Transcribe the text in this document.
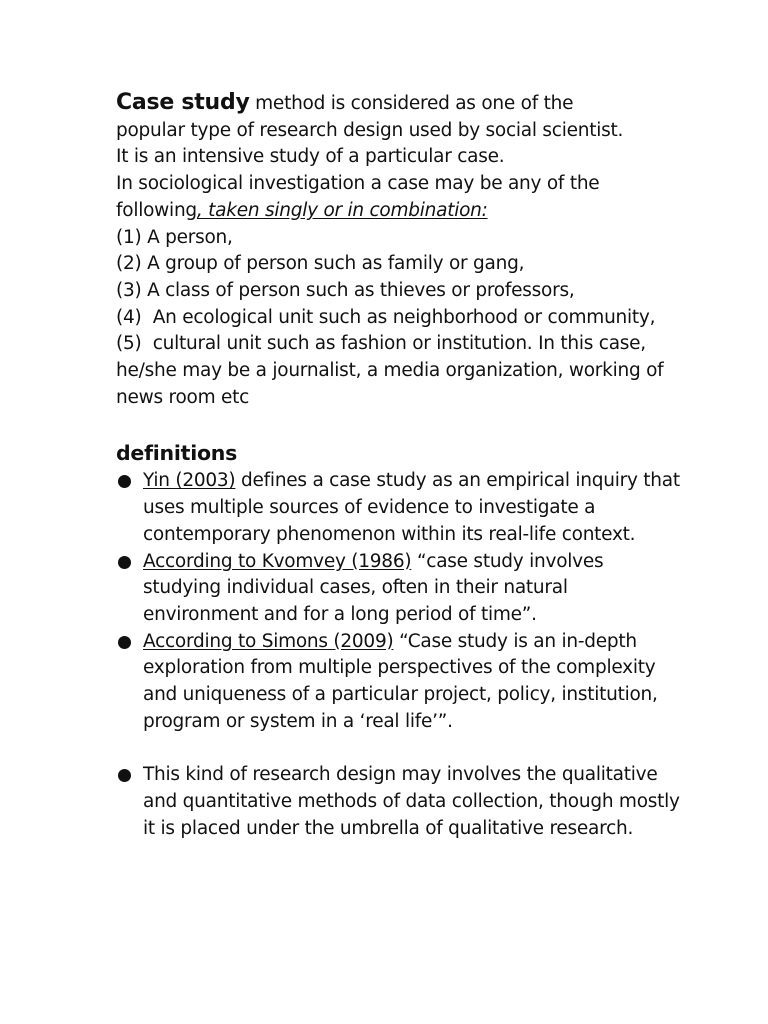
Case study method is considered as one of the

popular type of research design used by social scientist.

It is an intensive study of a particular case.

In sociological investigation a case may be any of the

following, taken singly or in combination:

(1) A person,

(2) A group of person such as family or gang,

(3) A class of person such as thieves or professors,

(4)  An ecological unit such as neighborhood or community,

(5)  cultural unit such as fashion or institution. In this case, he/she may be a journalist, a media organization, working of news room etc

definitions
Yin (2003) defines a case study as an empirical inquiry that uses multiple sources of evidence to investigate a contemporary phenomenon within its real-life context.
According to Kvomvey (1986) “case study involves studying individual cases, often in their natural environment and for a long period of time”.
According to Simons (2009) “Case study is an in-depth exploration from multiple perspectives of the complexity and uniqueness of a particular project, policy, institution, program or system in a ‘real life’”.
This kind of research design may involves the qualitative and quantitative methods of data collection, though mostly it is placed under the umbrella of qualitative research.
